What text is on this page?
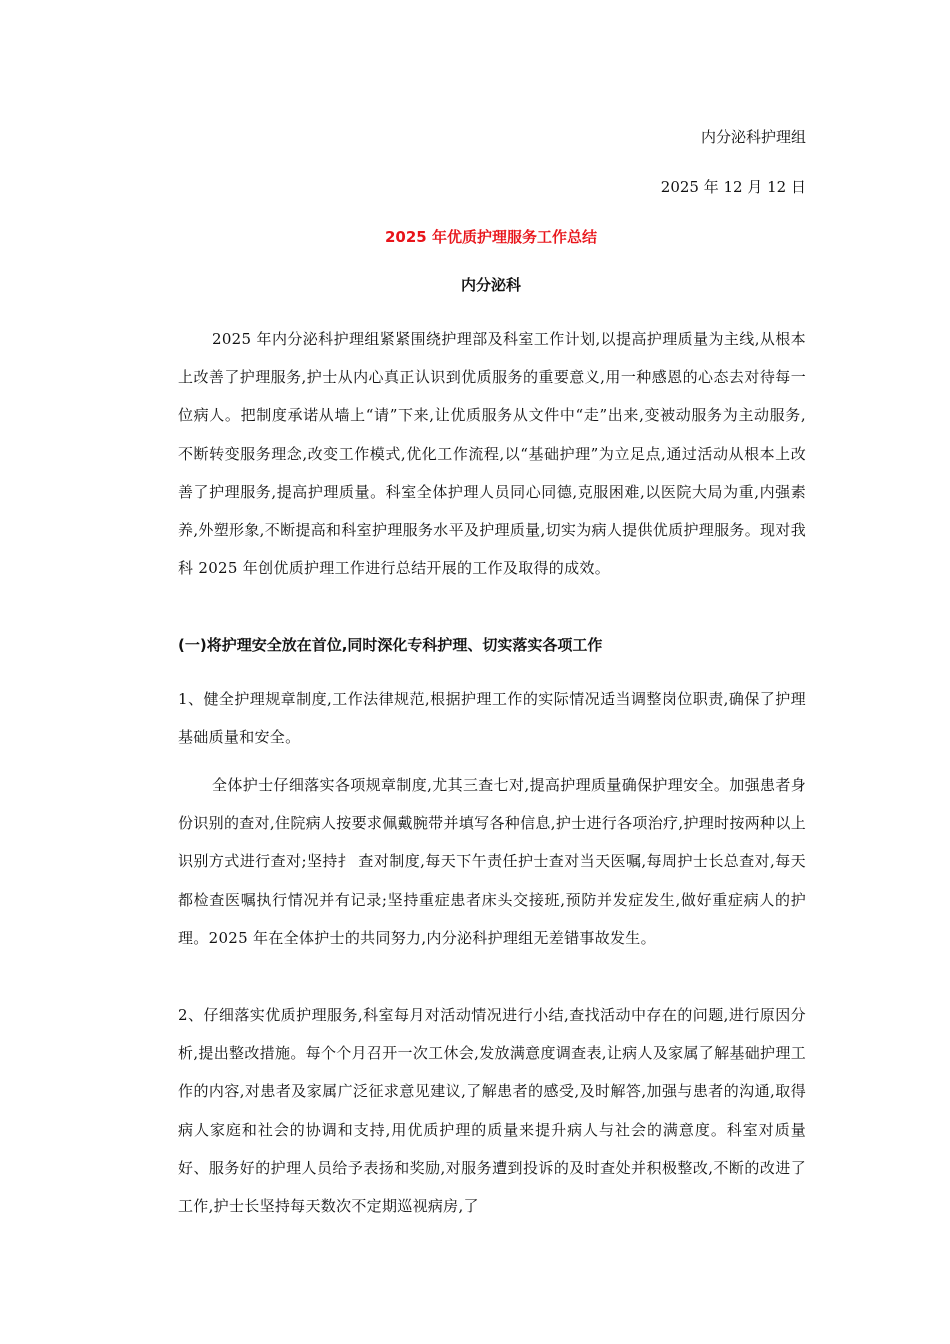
内分泌科护理组
2025 年 12 月 12 日
2025 年优质护理服务工作总结
内分泌科

2025 年内分泌科护理组紧紧围绕护理部及科室工作计划,以提高护理质量为主线,从根本上改善了护理服务,护士从内心真正认识到优质服务的重要意义,用一种感恩的心态去对待每一位病人。把制度承诺从墙上“请”下来,让优质服务从文件中“走”出来,变被动服务为主动服务,不断转变服务理念,改变工作模式,优化工作流程,以“基础护理”为立足点,通过活动从根本上改善了护理服务,提高护理质量。科室全体护理人员同心同德,克服困难,以医院大局为重,内强素养,外塑形象,不断提高和科室护理服务水平及护理质量,切实为病人提供优质护理服务。现对我科 2025 年创优质护理工作进行总结开展的工作及取得的成效。

(一)将护理安全放在首位,同时深化专科护理、切实落实各项工作

1、健全护理规章制度,工作法律规范,根据护理工作的实际情况适当调整岗位职责,确保了护理基础质量和安全。

全体护士仔细落实各项规章制度,尤其三查七对,提高护理质量确保护理安全。加强患者身份识别的查对,住院病人按要求佩戴腕带并填写各种信息,护士进行各项治疗,护理时按两种以上识别方式进行查对;坚持扌 查对制度,每天下午责任护士查对当天医嘱,每周护士长总查对,每天都检查医嘱执行情况并有记录;坚持重症患者床头交接班,预防并发症发生,做好重症病人的护理。2025 年在全体护士的共同努力,内分泌科护理组无差错事故发生。

2、仔细落实优质护理服务,科室每月对活动情况进行小结,查找活动中存在的问题,进行原因分析,提出整改措施。每个个月召开一次工休会,发放满意度调查表,让病人及家属了解基础护理工作的内容,对患者及家属广泛征求意见建议,了解患者的感受,及时解答,加强与患者的沟通,取得病人家庭和社会的协调和支持,用优质护理的质量来提升病人与社会的满意度。科室对质量好、服务好的护理人员给予表扬和奖励,对服务遭到投诉的及时查处并积极整改,不断的改进了工作,护士长坚持每天数次不定期巡视病房,了
